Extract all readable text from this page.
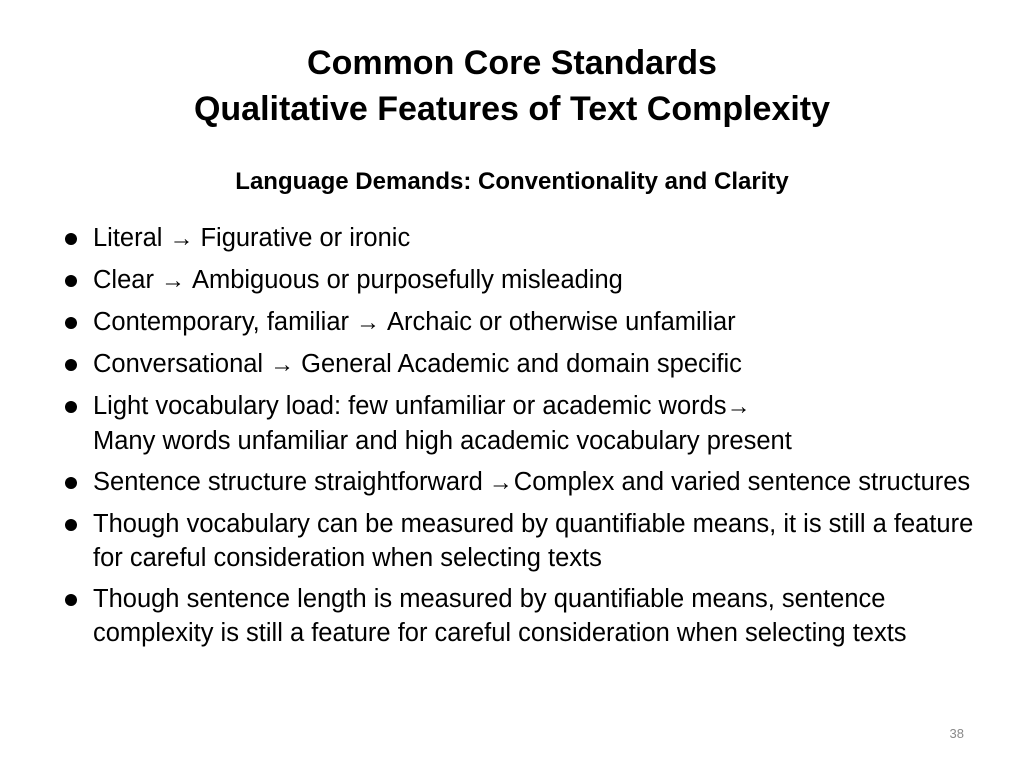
Common Core Standards
Qualitative Features of Text Complexity
Language Demands: Conventionality and Clarity
Literal → Figurative or ironic
Clear → Ambiguous or purposefully misleading
Contemporary, familiar → Archaic or otherwise unfamiliar
Conversational → General Academic and domain specific
Light vocabulary load: few unfamiliar or academic words→
Many words unfamiliar and high academic vocabulary present
Sentence structure straightforward →Complex and varied sentence structures
Though vocabulary can be measured by quantifiable means, it is still a feature for careful consideration when selecting texts
Though sentence length is measured by quantifiable means, sentence complexity is still a feature for careful consideration when selecting texts
38
